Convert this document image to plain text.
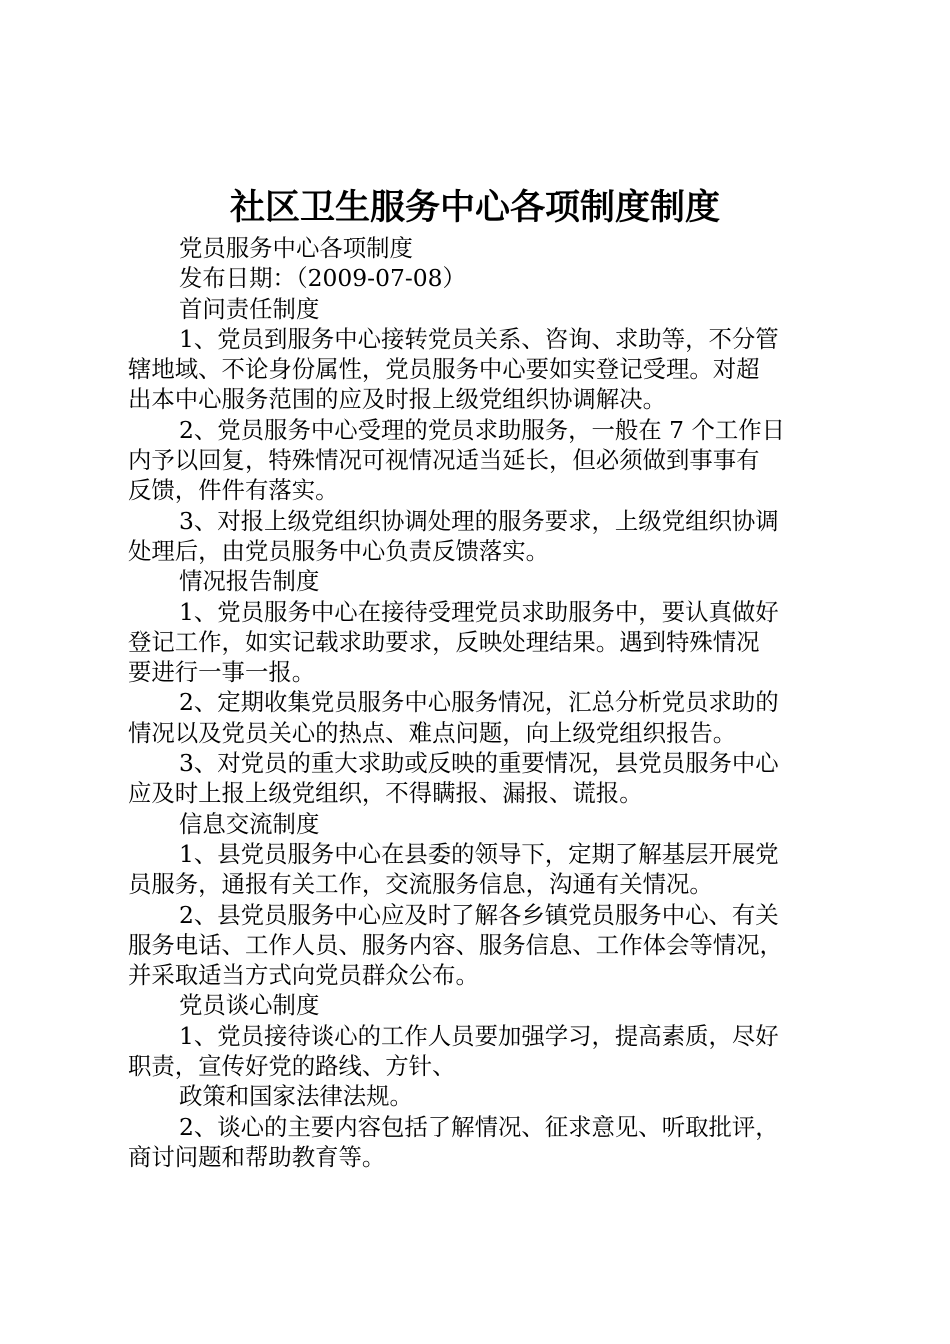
社区卫生服务中心各项制度制度
党员服务中心各项制度
发布日期：（2009-07-08）
首问责任制度
1、党员到服务中心接转党员关系、咨询、求助等，不分管
辖地域、不论身份属性，党员服务中心要如实登记受理。对超
出本中心服务范围的应及时报上级党组织协调解决。
2、党员服务中心受理的党员求助服务，一般在 7 个工作日
内予以回复，特殊情况可视情况适当延长，但必须做到事事有
反馈，件件有落实。
3、对报上级党组织协调处理的服务要求，上级党组织协调
处理后，由党员服务中心负责反馈落实。
情况报告制度
1、党员服务中心在接待受理党员求助服务中，要认真做好
登记工作，如实记载求助要求，反映处理结果。遇到特殊情况
要进行一事一报。
2、定期收集党员服务中心服务情况，汇总分析党员求助的
情况以及党员关心的热点、难点问题，向上级党组织报告。
3、对党员的重大求助或反映的重要情况，县党员服务中心
应及时上报上级党组织，不得瞒报、漏报、谎报。
信息交流制度
1、县党员服务中心在县委的领导下，定期了解基层开展党
员服务，通报有关工作，交流服务信息，沟通有关情况。
2、县党员服务中心应及时了解各乡镇党员服务中心、有关
服务电话、工作人员、服务内容、服务信息、工作体会等情况，
并采取适当方式向党员群众公布。
党员谈心制度
1、党员接待谈心的工作人员要加强学习，提高素质，尽好
职责，宣传好党的路线、方针、
政策和国家法律法规。
2、谈心的主要内容包括了解情况、征求意见、听取批评，
商讨问题和帮助教育等。
